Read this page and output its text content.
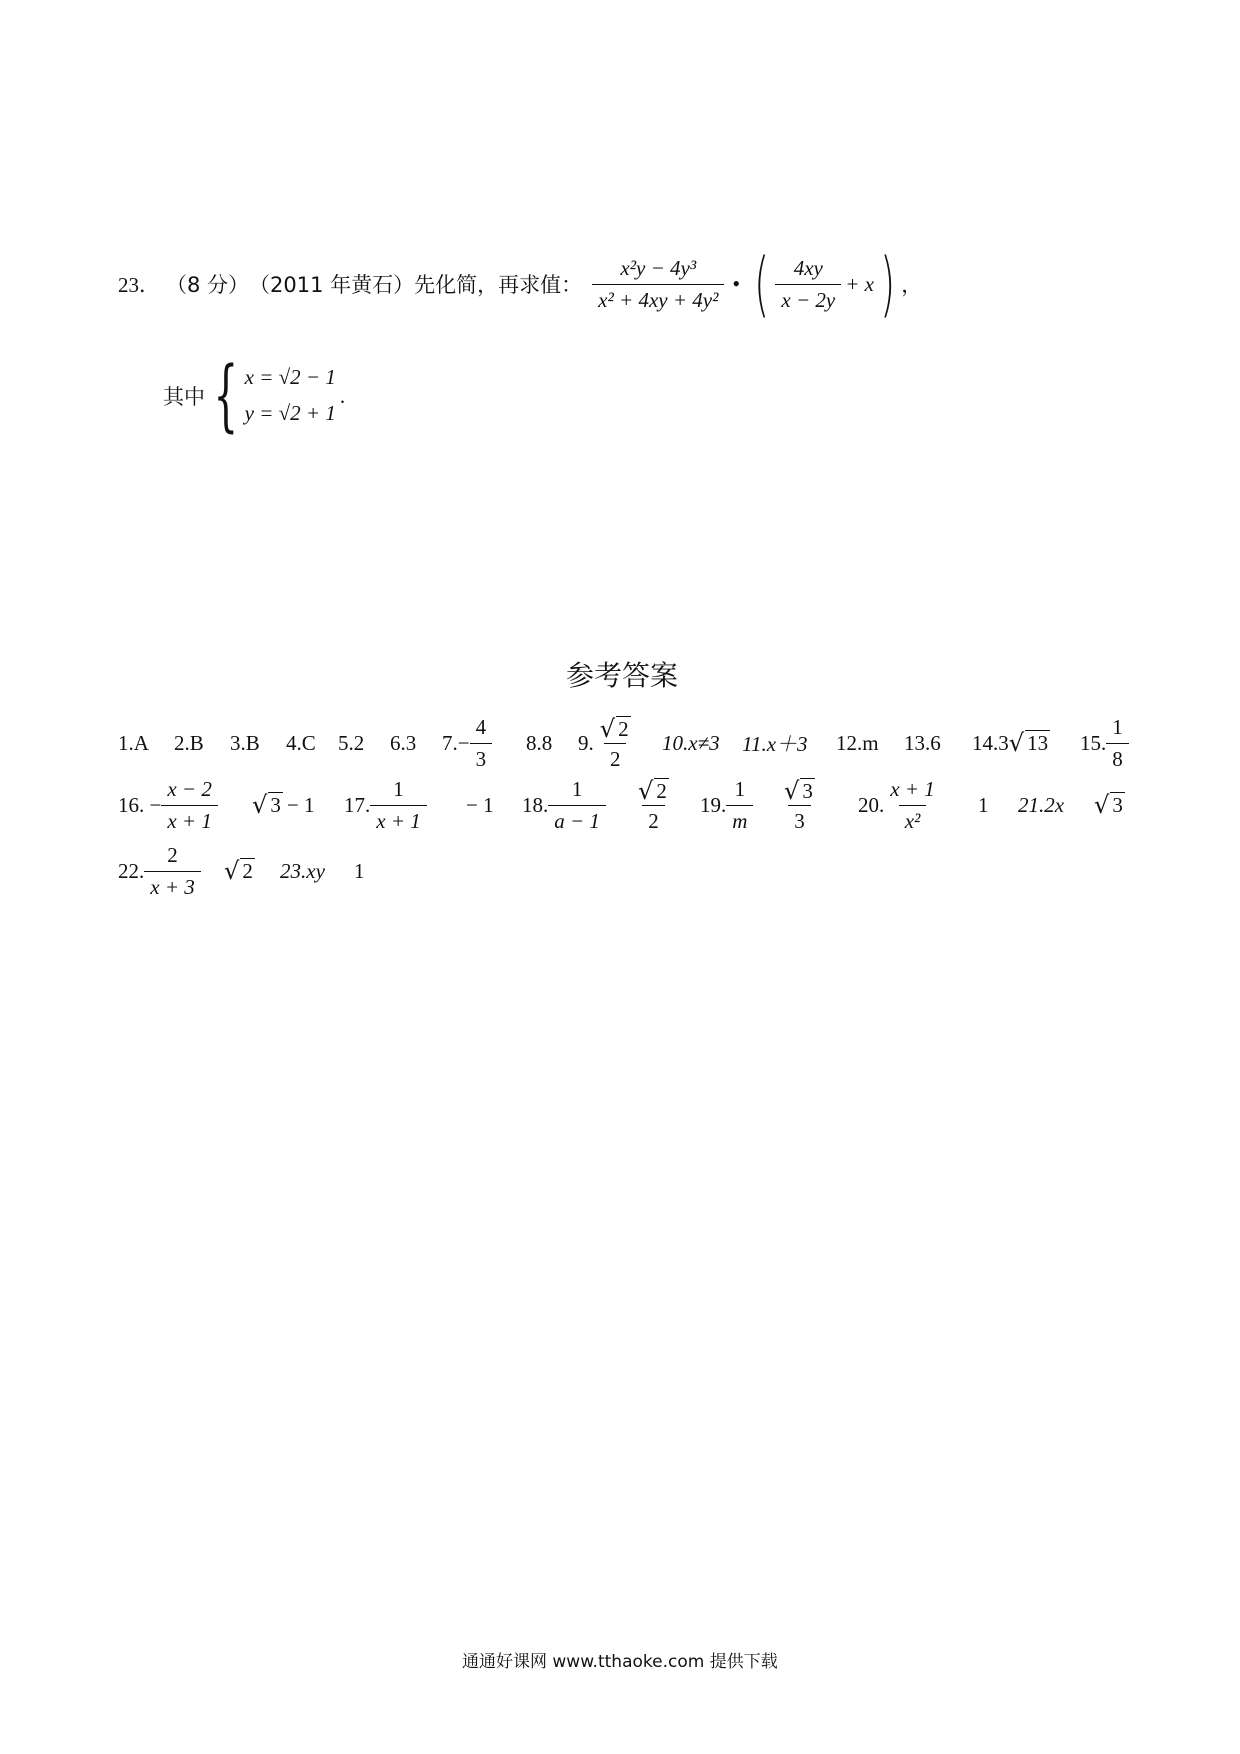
23． （8 分） （2011 年黄石） 先化简，再求值： $\frac{\text{x²y − 4y³}}{\text{x² + 4xy + 4y²}}$ • ( $\frac{4xy}{x - 2y} + x$ ) ，
其中 { x = √2 − 1
y = √2 + 1
.
参考答案
1.A 2.B 3.B 4.C 5.2 6.3 $7.- \frac{4}{3} 8.8$ 9. $\frac{√ 2}{2} 10.x\ne 3$ 11.x＋3 12.m 13.6 14.3 √ 13 15. $\frac{1}{8}$
16. − $\frac{x - 2}{x + 1}$ √ 3 − 1 17. $\frac{1}{x + 1} - 1$ 18. $\frac{1}{a - 1} \frac{√ 2}{2} 19$. $\frac{1}{m} \frac{√ 3}{3} 20$. $\frac{x + 1}{\text{x²}} 1$ 21.2x √ 3
22. $\frac{2}{x + 3}$ √ 2 23.xy 1
通通好课网 www.tthaoke.com 提供下载
